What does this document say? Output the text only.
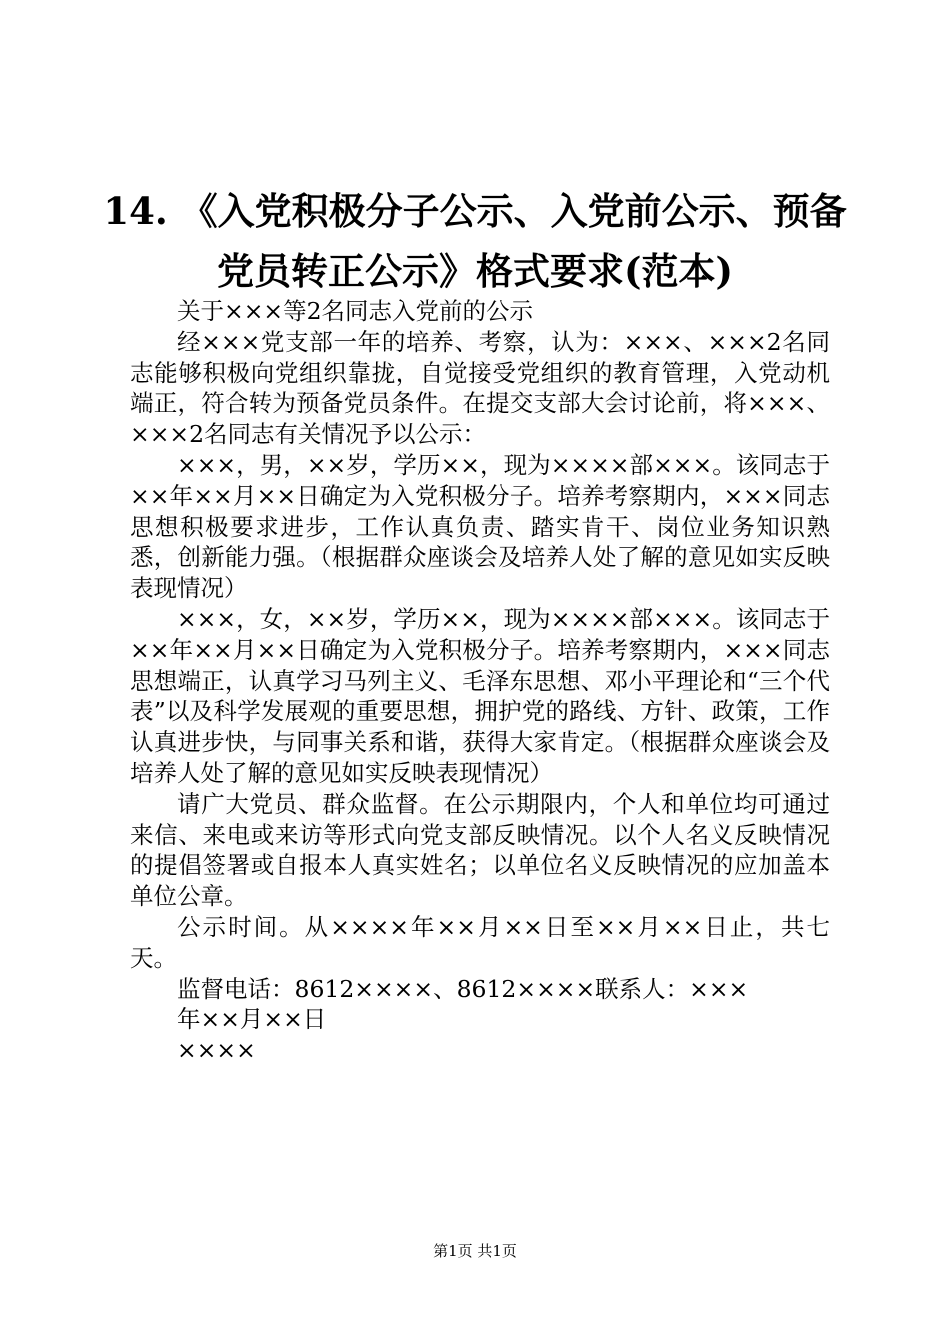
14. 《入党积极分子公示、入党前公示、预备
党员转正公示》格式要求(范本)

关于×××等2名同志入党前的公示

经×××党支部一年的培养、考察，认为：×××、×××2名同志能够积极向党组织靠拢，自觉接受党组织的教育管理，入党动机端正，符合转为预备党员条件。在提交支部大会讨论前，将×××、×××2名同志有关情况予以公示：

×××，男，××岁，学历××，现为××××部×××。该同志于××年××月××日确定为入党积极分子。培养考察期内，×××同志思想积极要求进步，工作认真负责、踏实肯干、岗位业务知识熟悉，创新能力强。（根据群众座谈会及培养人处了解的意见如实反映表现情况）

×××，女，××岁，学历××，现为××××部×××。该同志于××年××月××日确定为入党积极分子。培养考察期内，×××同志思想端正，认真学习马列主义、毛泽东思想、邓小平理论和“三个代表”以及科学发展观的重要思想，拥护党的路线、方针、政策，工作认真进步快，与同事关系和谐，获得大家肯定。（根据群众座谈会及培养人处了解的意见如实反映表现情况）

请广大党员、群众监督。在公示期限内，个人和单位均可通过来信、来电或来访等形式向党支部反映情况。以个人名义反映情况的提倡签署或自报本人真实姓名；以单位名义反映情况的应加盖本单位公章。

公示时间。从××××年××月××日至××月××日止，共七天。

监督电话：8612××××、8612××××联系人：×××

年××月××日

××××

第1页 共1页
